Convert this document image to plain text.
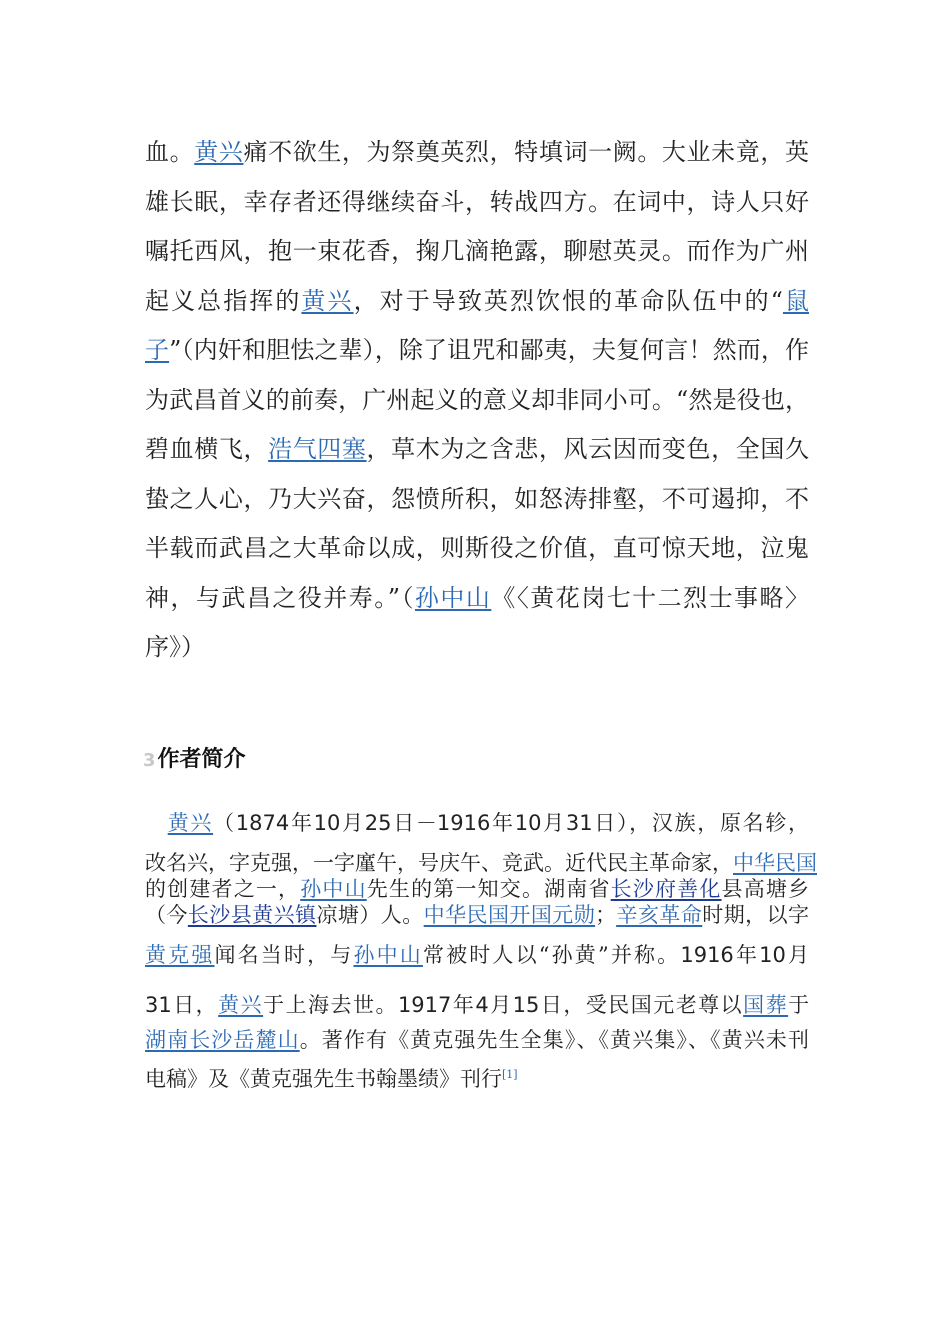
血。黄兴痛不欲生，为祭奠英烈，特填词一阙。大业未竟，英雄长眠，幸存者还得继续奋斗，转战四方。在词中，诗人只好嘱托西风，抱一束花香，掬几滴艳露，聊慰英灵。而作为广州起义总指挥的黄兴，对于导致英烈饮恨的革命队伍中的“鼠子”（内奸和胆怯之辈），除了诅咒和鄙夷，夫复何言！然而，作为武昌首义的前奏，广州起义的意义却非同小可。“然是役也，碧血横飞，浩气四塞，草木为之含悲，风云因而变色，全国久蛰之人心，乃大兴奋，怨愤所积，如怒涛排壑，不可遏抑，不半载而武昌之大革命以成，则斯役之价值，直可惊天地，泣鬼神，与武昌之役并寿。”（孙中山《〈黄花岗七十二烈士事略〉序》）

3作者简介
　黄兴（1874年10月25日－1916年10月31日），汉族，原名轸，
改名兴，字克强，一字廑午，号庆午、竞武。近代民主革命家，中华民国
的创建者之一，孙中山先生的第一知交。湖南省长沙府善化县高塘乡
（今长沙县黄兴镇凉塘）人。中华民国开国元勋；辛亥革命时期，以字
黄克强闻名当时，与孙中山常被时人以“孙黄”并称。1916年10月
31日，黄兴于上海去世。1917年4月15日，受民国元老尊以国葬于
湖南长沙岳麓山。著作有《黄克强先生全集》、《黄兴集》、《黄兴未刊
电稿》及《黄克强先生书翰墨绩》刊行[1]
